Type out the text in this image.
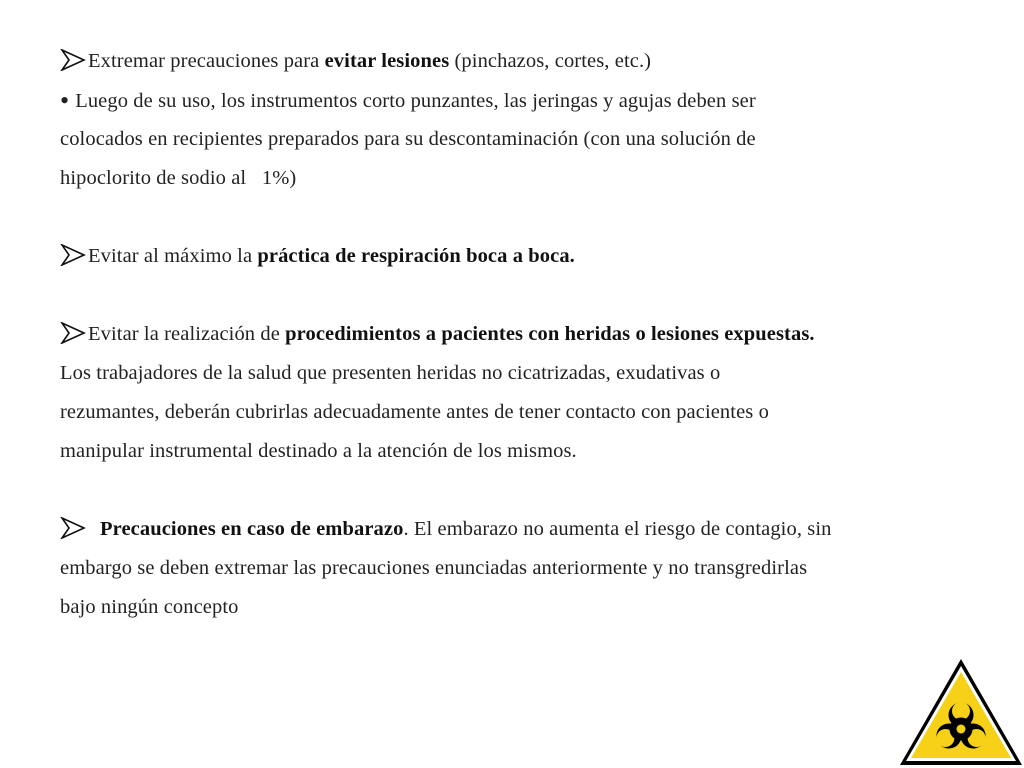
Extremar precauciones para evitar lesiones (pinchazos, cortes, etc.)
• Luego de su uso, los instrumentos corto punzantes, las jeringas y agujas deben ser
colocados en recipientes preparados para su descontaminación (con una solución de
hipoclorito de sodio al   1%)
Evitar al máximo la práctica de respiración boca a boca.
Evitar la realización de procedimientos a pacientes con heridas o lesiones expuestas.
Los trabajadores de la salud que presenten heridas no cicatrizadas, exudativas o
rezumantes, deberán cubrirlas adecuadamente antes de tener contacto con pacientes o
manipular instrumental destinado a la atención de los mismos.
Precauciones en caso de embarazo. El embarazo no aumenta el riesgo de contagio, sin
embargo se deben extremar las precauciones enunciadas anteriormente y no transgredirlas
bajo ningún concepto
